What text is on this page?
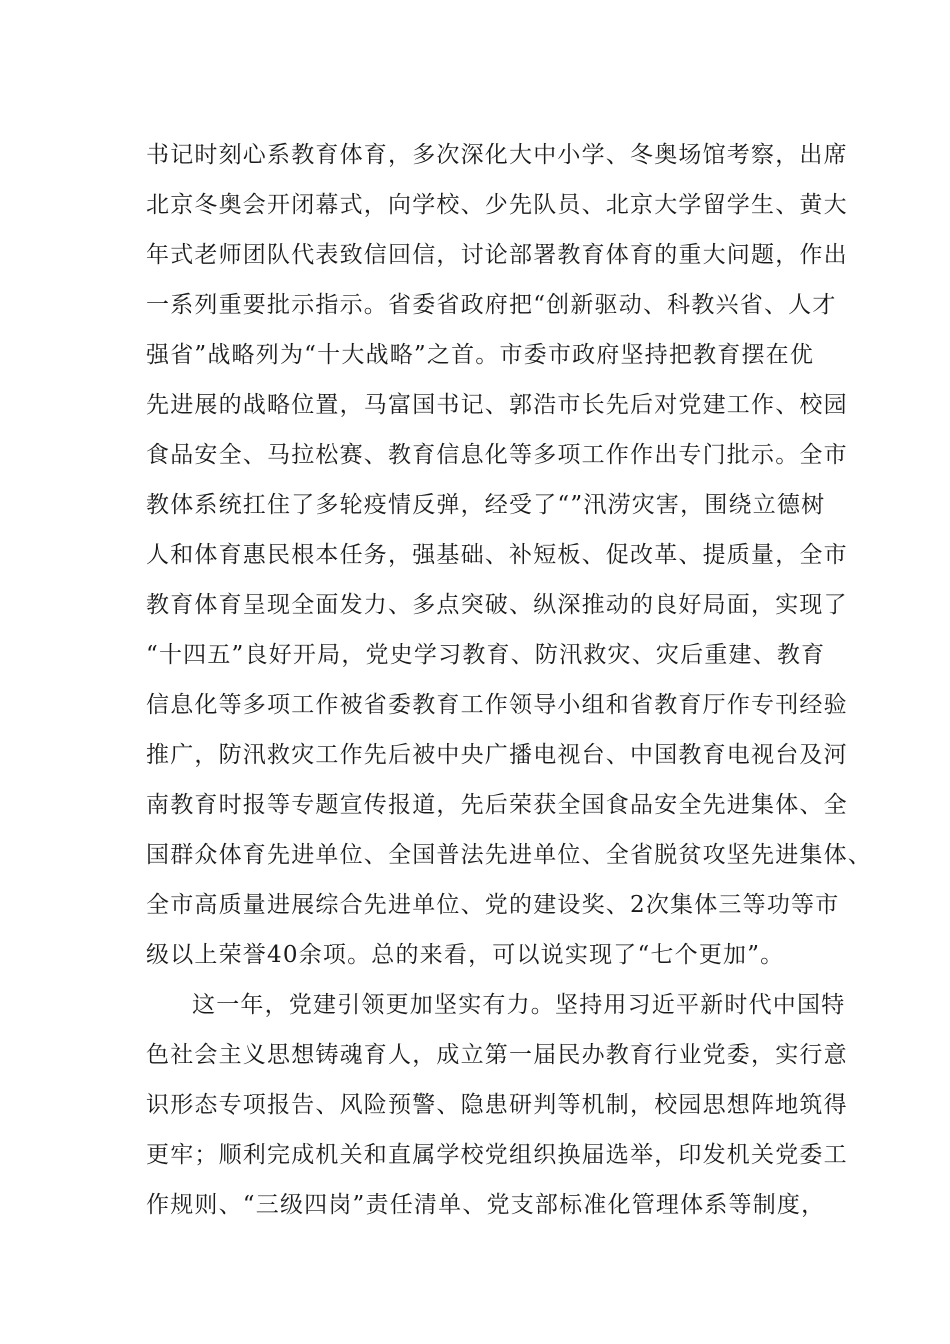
书记时刻心系教育体育，多次深化大中小学、冬奥场馆考察，出席
北京冬奥会开闭幕式，向学校、少先队员、北京大学留学生、黄大
年式老师团队代表致信回信，讨论部署教育体育的重大问题，作出
一系列重要批示指示。省委省政府把“创新驱动、科教兴省、人才
强省”战略列为“十大战略”之首。市委市政府坚持把教育摆在优
先进展的战略位置，马富国书记、郭浩市长先后对党建工作、校园
食品安全、马拉松赛、教育信息化等多项工作作出专门批示。全市
教体系统扛住了多轮疫情反弹，经受了“”汛涝灾害，围绕立德树
人和体育惠民根本任务，强基础、补短板、促改革、提质量，全市
教育体育呈现全面发力、多点突破、纵深推动的良好局面，实现了
“十四五”良好开局，党史学习教育、防汛救灾、灾后重建、教育
信息化等多项工作被省委教育工作领导小组和省教育厅作专刊经验
推广，防汛救灾工作先后被中央广播电视台、中国教育电视台及河
南教育时报等专题宣传报道，先后荣获全国食品安全先进集体、全
国群众体育先进单位、全国普法先进单位、全省脱贫攻坚先进集体、
全市高质量进展综合先进单位、党的建设奖、2次集体三等功等市
级以上荣誉40余项。总的来看，可以说实现了“七个更加”。
这一年，党建引领更加坚实有力。坚持用习近平新时代中国特
色社会主义思想铸魂育人，成立第一届民办教育行业党委，实行意
识形态专项报告、风险预警、隐患研判等机制，校园思想阵地筑得
更牢；顺利完成机关和直属学校党组织换届选举，印发机关党委工
作规则、“三级四岗”责任清单、党支部标准化管理体系等制度，
